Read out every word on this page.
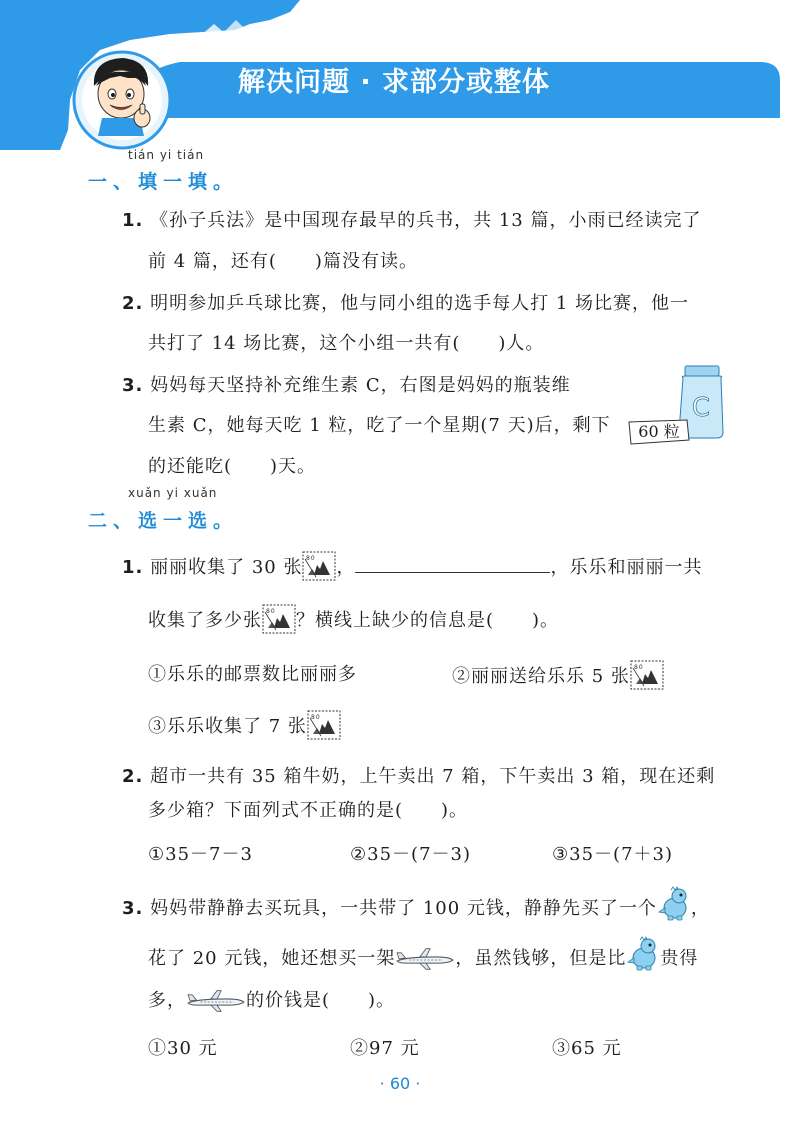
解决问题 · 求部分或整体
tián yi tián
一、填一填。
1. 《孙子兵法》是中国现存最早的兵书，共 13 篇，小雨已经读完了
前 4 篇，还有(　　)篇没有读。
2. 明明参加乒乓球比赛，他与同小组的选手每人打 1 场比赛，他一
共打了 14 场比赛，这个小组一共有(　　)人。
3. 妈妈每天坚持补充维生素 C，右图是妈妈的瓶装维
生素 C，她每天吃 1 粒，吃了一个星期(7 天)后，剩下
的还能吃(　　)天。
C
60 粒
xuǎn yi xuǎn
二、选一选。
1. 丽丽收集了 30 张 80 ，	，乐乐和丽丽一共
收集了多少张 80 ？横线上缺少的信息是(　　)。
①乐乐的邮票数比丽丽多	②丽丽送给乐乐 5 张 80
③乐乐收集了 7 张 80
2. 超市一共有 35 箱牛奶，上午卖出 7 箱，下午卖出 3 箱，现在还剩
多少箱？下面列式不正确的是(　　)。
①35－7－3	②35－(7－3)	③35－(7＋3)
3. 妈妈带静静去买玩具，一共带了 100 元钱，静静先买了一个 ，
花了 20 元钱，她还想买一架	，虽然钱够，但是比 贵得
多，	的价钱是(　　)。
①30 元	②97 元	③65 元
· 60 ·
